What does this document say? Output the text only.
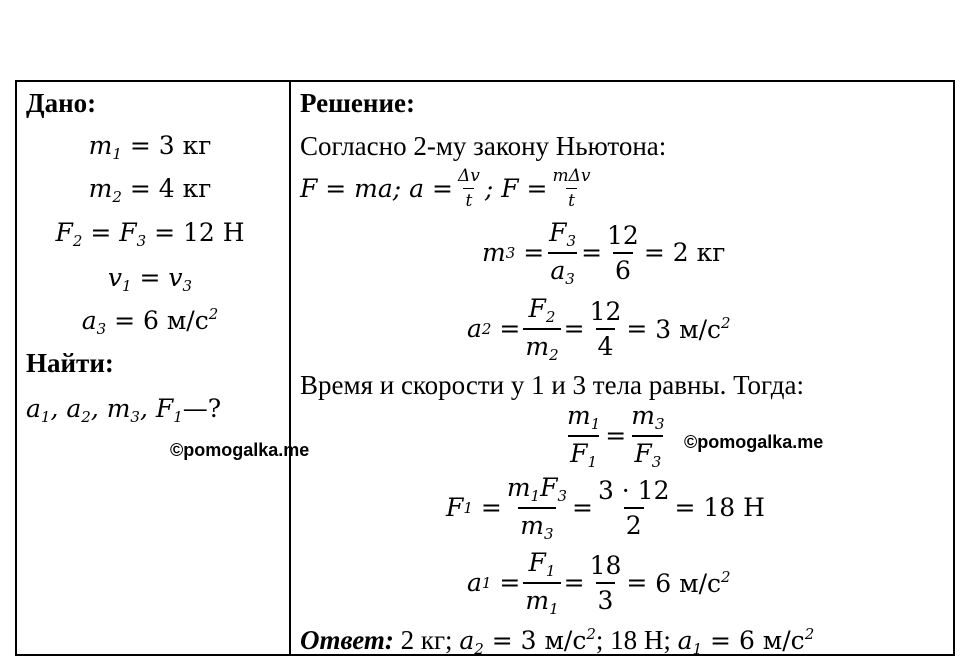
Дано:
$m_1 = 3$ кг
$m_2 = 4$ кг
$F_2 = F_3 = 12$ Н
$v_1 = v_3$
$a_3 = 6$ $м/с^2$
Найти:
$a_1$, $a_2$, $m_3$, $F_1—$?
©pomogalka.me
Решение:
Согласно 2-му закону Ньютона:
F = ma; $a = \frac{\Delta v}{t}$ ; $F = \frac{\text{mΔv}}{t}$
m $3 = \frac{F_3}{a_3} = \frac{12}{6} = 2$ кг
a $2 = \frac{F_2}{m_2} = \frac{12}{4} = 3$ $м/с^2$
Время и скорости у 1 и 3 тела равны. Тогда:
$\frac{m_1}{F_1} = \frac{m_3}{F_3}$ ©pomogalka.me
F $1 = \frac{m_1F_3}{m_3} = \frac{3 \cdot 12}{2} = 18$ Н
a $1 = \frac{F_1}{m_1} = \frac{18}{3} = 6$ $м/с^2$
Ответ: 2 кг; $a_2 = 3$ $м/с^2$; 18 Н; $a_1 = 6$ $м/с^2$
